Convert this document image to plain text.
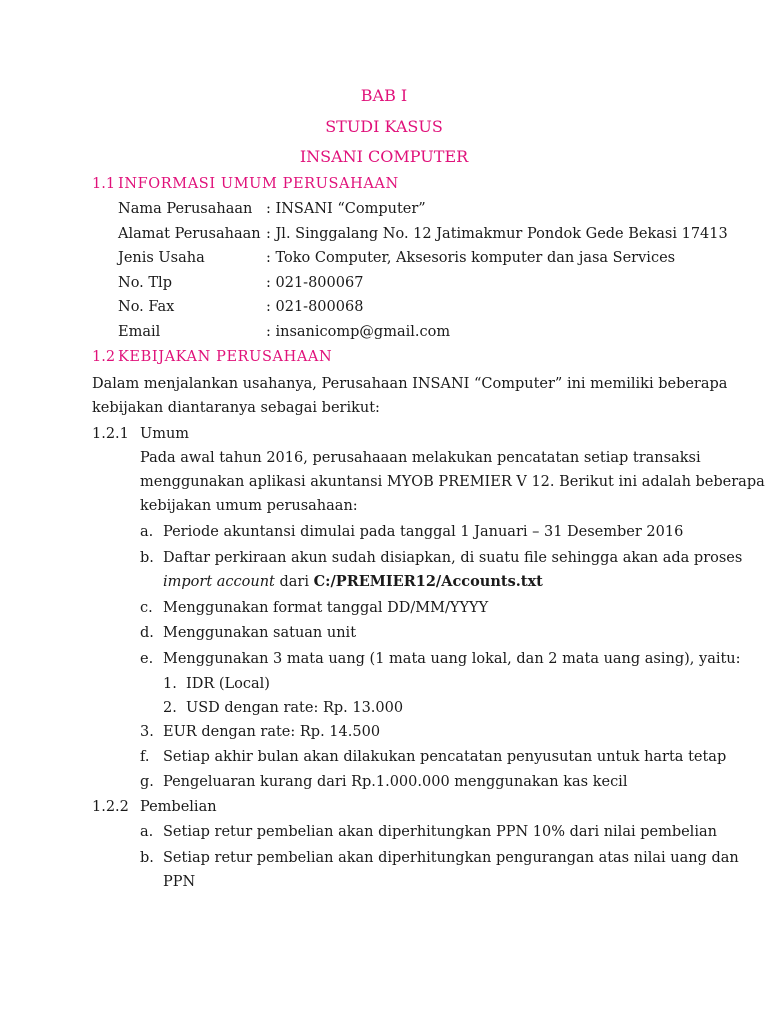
BAB I
STUDI KASUS
INSANI COMPUTER
1.1 INFORMASI UMUM PERUSAHAAN
Nama Perusahaan : INSANI “Computer”
Alamat Perusahaan : Jl. Singgalang No. 12 Jatimakmur Pondok Gede Bekasi 17413
Jenis Usaha	: Toko Computer, Aksesoris komputer dan jasa Services
No. Tlp	: 021-800067
No. Fax	: 021-800068
Email	: insanicomp@gmail.com
1.2 KEBIJAKAN PERUSAHAAN
Dalam menjalankan usahanya, Perusahaan INSANI “Computer” ini memiliki beberapa
kebijakan diantaranya sebagai berikut:
1.2.1 Umum
Pada awal tahun 2016, perusahaaan melakukan pencatatan setiap transaksi
menggunakan aplikasi akuntansi MYOB PREMIER V 12. Berikut ini adalah beberapa
kebijakan umum perusahaan:
a. Periode akuntansi dimulai pada tanggal 1 Januari – 31 Desember 2016
b. Daftar perkiraan akun sudah disiapkan, di suatu file sehingga akan ada proses
import account dari C:/PREMIER12/Accounts.txt
c. Menggunakan format tanggal DD/MM/YYYY
d. Menggunakan satuan unit
e. Menggunakan 3 mata uang (1 mata uang lokal, dan 2 mata uang asing), yaitu:
1. IDR (Local)
2. USD dengan rate: Rp. 13.000
3. EUR dengan rate: Rp. 14.500
f. Setiap akhir bulan akan dilakukan pencatatan penyusutan untuk harta tetap
g. Pengeluaran kurang dari Rp.1.000.000 menggunakan kas kecil
1.2.2 Pembelian
a. Setiap retur pembelian akan diperhitungkan PPN 10% dari nilai pembelian
b. Setiap retur pembelian akan diperhitungkan pengurangan atas nilai uang dan
PPN
